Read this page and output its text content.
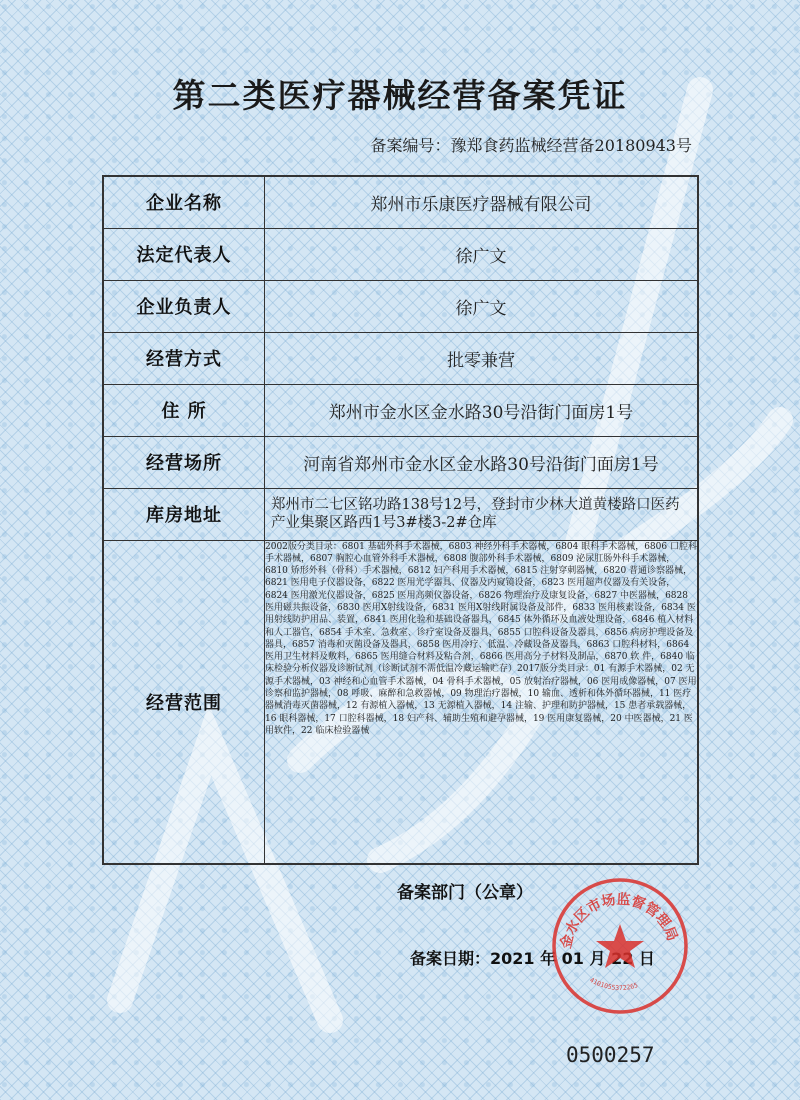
第二类医疗器械经营备案凭证
备案编号：豫郑食药监械经营备20180943号
企业名称	郑州市乐康医疗器械有限公司
法定代表人	徐广文
企业负责人	徐广文
经营方式	批零兼营
住 所	郑州市金水区金水路30号沿街门面房1号
经营场所	河南省郑州市金水区金水路30号沿街门面房1号
库房地址	郑州市二七区铭功路138号12号，登封市少林大道黄楼路口医药产业集聚区路西1号3#楼3-2#仓库
经营范围	2002版分类目录：6801 基础外科手术器械，6803 神经外科手术器械，6804 眼科手术器械，6806 口腔科手术器械，6807 胸腔心血管外科手术器械，6808 腹部外科手术器械，6809 泌尿肛肠外科手术器械，6810 矫形外科（骨科）手术器械，6812 妇产科用手术器械，6815 注射穿刺器械，6820 普通诊察器械，6821 医用电子仪器设备，6822 医用光学器具、仪器及内窥镜设备，6823 医用超声仪器及有关设备，6824 医用激光仪器设备，6825 医用高频仪器设备，6826 物理治疗及康复设备，6827 中医器械，6828 医用磁共振设备，6830 医用X射线设备，6831 医用X射线附属设备及部件，6833 医用核素设备，6834 医用射线防护用品、装置，6841 医用化验和基础设备器具，6845 体外循环及血液处理设备，6846 植入材料和人工器官，6854 手术室、急救室、诊疗室设备及器具，6855 口腔科设备及器具，6856 病房护理设备及器具，6857 消毒和灭菌设备及器具，6858 医用冷疗、低温、冷藏设备及器具，6863 口腔科材料，6864 医用卫生材料及敷料，6865 医用缝合材料及粘合剂，6866 医用高分子材料及制品，6870 软 件，6840 临床检验分析仪器及诊断试剂（诊断试剂不需低温冷藏运输贮存）2017版分类目录：01 有源手术器械，02 无源手术器械，03 神经和心血管手术器械，04 骨科手术器械，05 放射治疗器械，06 医用成像器械，07 医用诊察和监护器械，08 呼吸、麻醉和急救器械，09 物理治疗器械，10 输血、透析和体外循环器械，11 医疗器械消毒灭菌器械，12 有源植入器械，13 无源植入器械，14 注输、护理和防护器械，15 患者承载器械，16 眼科器械，17 口腔科器械，18 妇产科、辅助生殖和避孕器械，19 医用康复器械，20 中医器械，21 医用软件，22 临床检验器械
备案部门（公章）
备案日期：2021 年 01 月 22 日
金水区市场监督管理局
4101055372265
0500257
